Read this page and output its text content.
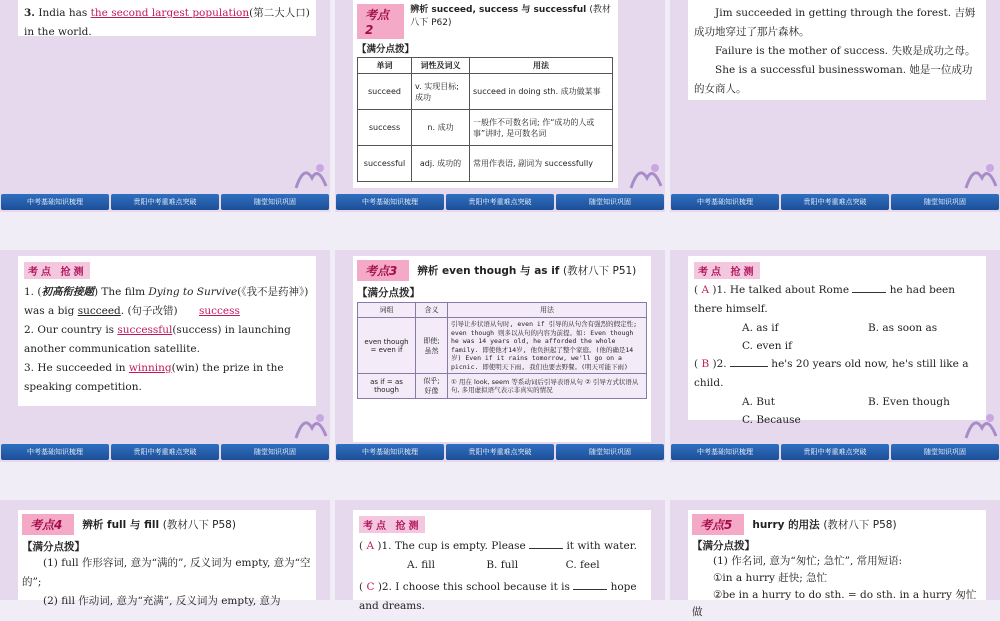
3. India has the second largest population(第二大人口) in the world.
中考基础知识梳理	贵阳中考重难点突破	随堂知识巩固
考点2
辨析 succeed, success 与 successful (教材八下 P62)
【满分点拨】
单词	词性及词义	用法
succeed	v. 实现目标; 成功	succeed in doing sth. 成功做某事
success	n. 成功	一般作不可数名词; 作“成功的人或事”讲时, 是可数名词
successful	adj. 成功的	常用作表语, 副词为 successfully
中考基础知识梳理	贵阳中考重难点突破	随堂知识巩固
Jim succeeded in getting through the forest. 吉姆成功地穿过了那片森林。
Failure is the mother of success. 失败是成功之母。
She is a successful businesswoman. 她是一位成功的女商人。
中考基础知识梳理	贵阳中考重难点突破	随堂知识巩固
考点 抢测
1. (初高衔接题) The film Dying to Survive(《我不是药神》) was a big succeed. (句子改错) success
2. Our country is successful(success) in launching another communication satellite.
3. He succeeded in winning(win) the prize in the speaking competition.
中考基础知识梳理	贵阳中考重难点突破	随堂知识巩固
考点3	辨析 even though 与 as if (教材八下 P51)
【满分点拨】
词组	含义	用法
even though = even if	即使; 虽然	引导让步状语从句时, even if 引导的从句含有强烈的假定性; even though 则多以从句的内容为前提。如: Even though he was 14 years old, he afforded the whole family. 即使他才14岁, 他负担起了整个家庭。(他的确是14岁) Even if it rains tomorrow, we'll go on a picnic. 即使明天下雨, 我们也要去野餐。(明天可能下雨)
as if = as though	似乎; 好像	① 用在 look, seem 等系动词后引导表语从句 ② 引导方式状语从句, 多用虚拟语气表示非真实的情况
中考基础知识梳理	贵阳中考重难点突破	随堂知识巩固
考点 抢测
( A )1. He talked about Rome	he had been there himself.
A. as if	B. as soon as
C. even if
( B )2.	he's 20 years old now, he's still like a child.
A. But	B. Even though
C. Because
中考基础知识梳理	贵阳中考重难点突破	随堂知识巩固
考点4	辨析 full 与 fill (教材八下 P58)
【满分点拨】
(1) full 作形容词, 意为“满的”, 反义词为 empty, 意为“空的”;
(2) fill 作动词, 意为“充满”, 反义词为 empty, 意为
考点 抢测
( A )1. The cup is empty. Please	it with water.
A. fill	B. full	C. feel
( C )2. I choose this school because it is	hope and dreams.
考点5	hurry 的用法 (教材八下 P58)
【满分点拨】
(1) 作名词, 意为“匆忙; 急忙”, 常用短语:
①in a hurry 赶快; 急忙
②be in a hurry to do sth. = do sth. in a hurry 匆忙做
